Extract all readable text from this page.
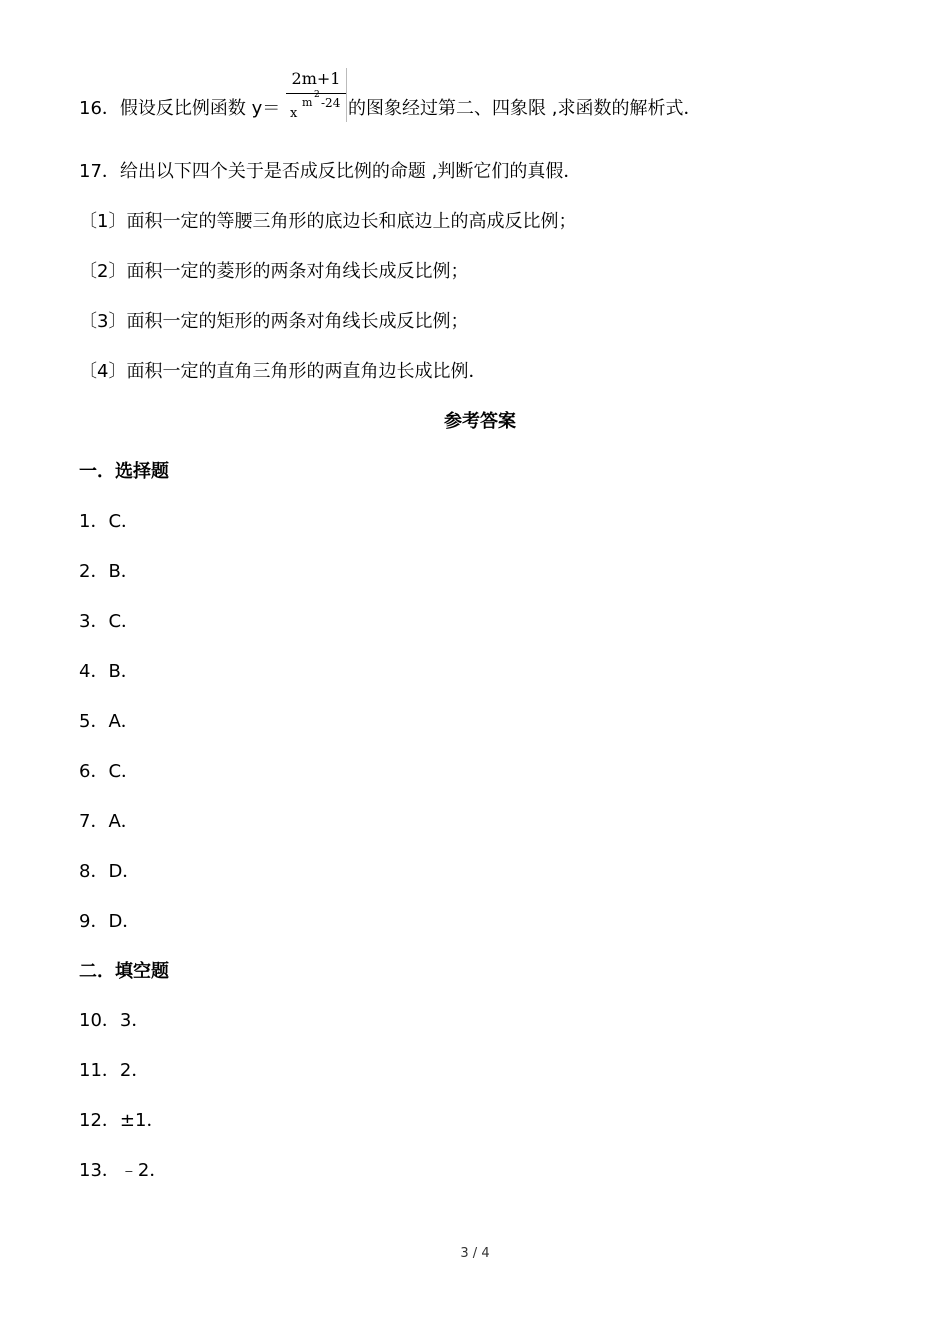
16．假设反比例函数 y＝
2m+1
x
m
2
-24 的图象经过第二、四象限 ,求函数的解析式．
17．给出以下四个关于是否成反比例的命题 ,判断它们的真假．
〔1〕面积一定的等腰三角形的底边长和底边上的高成反比例；
〔2〕面积一定的菱形的两条对角线长成反比例；
〔3〕面积一定的矩形的两条对角线长成反比例；
〔4〕面积一定的直角三角形的两直角边长成比例．
参考答案
一．选择题
1．C．
2．B．
3．C．
4．B．
5．A．
6．C．
7．A．
8．D．
9．D．
二．填空题
10．3．
11．2．
12．±1．
13．﹣2．
3 / 4
